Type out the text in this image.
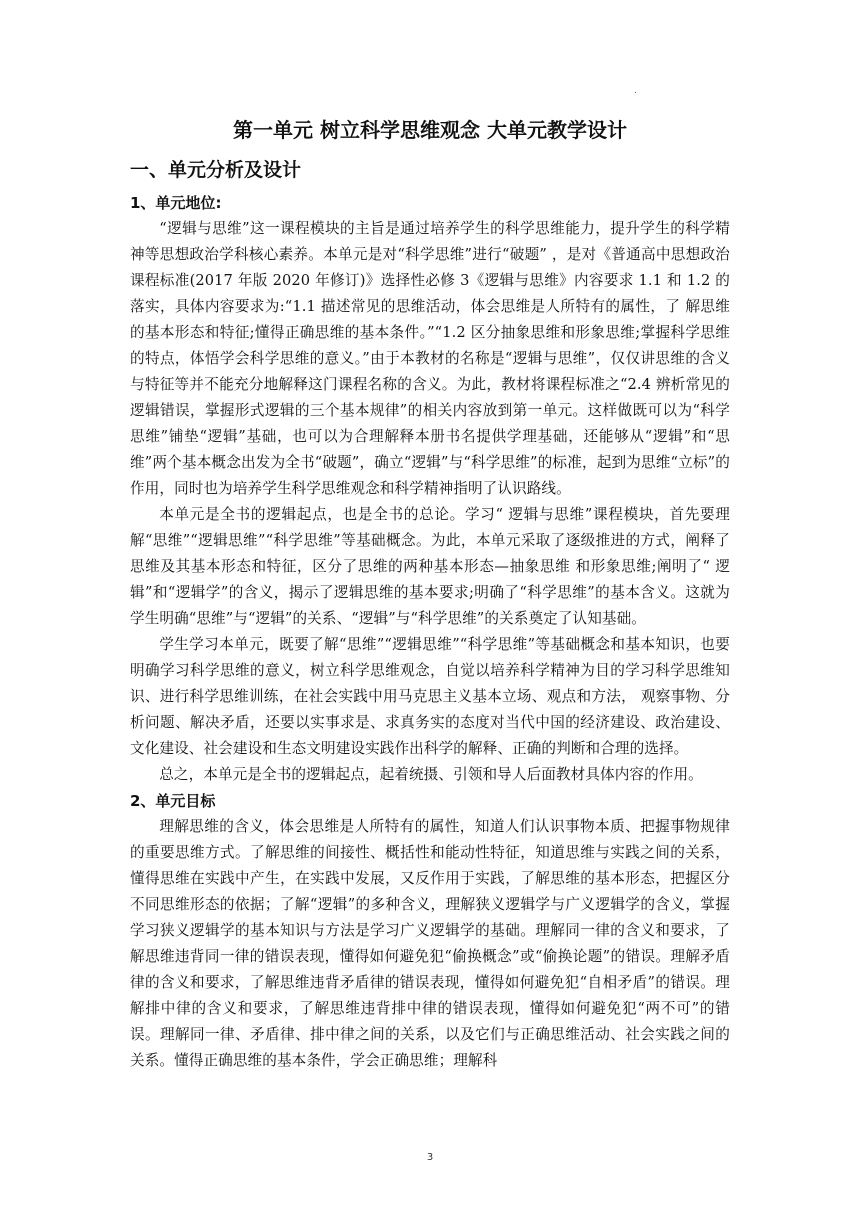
.
第一单元 树立科学思维观念 大单元教学设计
一、单元分析及设计
1、单元地位:

“逻辑与思维”这一课程模块的主旨是通过培养学生的科学思维能力，提升学生的科学精神等思想政治学科核心素养。本单元是对“科学思维”进行“破题” ，是对《普通高中思想政治课程标准(2017 年版 2020 年修订)》选择性必修 3《逻辑与思维》内容要求 1.1 和 1.2 的落实，具体内容要求为:“1.1 描述常见的思维活动，体会思维是人所特有的属性，了 解思维的基本形态和特征;懂得正确思维的基本条件。”“1.2 区分抽象思维和形象思维;掌握科学思维的特点，体悟学会科学思维的意义。”由于本教材的名称是“逻辑与思维”，仅仅讲思维的含义与特征等并不能充分地解释这门课程名称的含义。为此，教材将课程标准之“2.4 辨析常见的逻辑错误，掌握形式逻辑的三个基本规律”的相关内容放到第一单元。这样做既可以为“科学思维”铺垫“逻辑”基础，也可以为合理解释本册书名提供学理基础，还能够从“逻辑”和“思维”两个基本概念出发为全书“破题”，确立“逻辑”与“科学思维”的标准，起到为思维“立标”的作用，同时也为培养学生科学思维观念和科学精神指明了认识路线。

本单元是全书的逻辑起点，也是全书的总论。学习“ 逻辑与思维”课程模块，首先要理解“思维”“逻辑思维”“科学思维”等基础概念。为此，本单元采取了逐级推进的方式，阐释了思维及其基本形态和特征，区分了思维的两种基本形态—抽象思维 和形象思维;阐明了“ 逻辑”和“逻辑学”的含义，揭示了逻辑思维的基本要求;明确了“科学思维”的基本含义。这就为学生明确“思维”与“逻辑”的关系、“逻辑”与“科学思维”的关系奠定了认知基础。

学生学习本单元，既要了解“思维”“逻辑思维”“科学思维”等基础概念和基本知识，也要明确学习科学思维的意义，树立科学思维观念，自觉以培养科学精神为目的学习科学思维知识、进行科学思维训练，在社会实践中用马克思主义基本立场、观点和方法， 观察事物、分析问题、解决矛盾，还要以实事求是、求真务实的态度对当代中国的经济建设、政治建设、文化建设、社会建设和生态文明建设实践作出科学的解释、正确的判断和合理的选择。

总之，本单元是全书的逻辑起点，起着统摄、引领和导人后面教材具体内容的作用。

2、单元目标

理解思维的含义，体会思维是人所特有的属性，知道人们认识事物本质、把握事物规律的重要思维方式。了解思维的间接性、概括性和能动性特征，知道思维与实践之间的关系，懂得思维在实践中产生，在实践中发展，又反作用于实践，了解思维的基本形态，把握区分不同思维形态的依据；了解“逻辑”的多种含义，理解狭义逻辑学与广义逻辑学的含义，掌握学习狭义逻辑学的基本知识与方法是学习广义逻辑学的基础。理解同一律的含义和要求，了解思维违背同一律的错误表现，懂得如何避免犯“偷换概念”或“偷换论题”的错误。理解矛盾律的含义和要求，了解思维违背矛盾律的错误表现，懂得如何避免犯“自相矛盾”的错误。理解排中律的含义和要求，了解思维违背排中律的错误表现，懂得如何避免犯“两不可”的错误。理解同一律、矛盾律、排中律之间的关系，以及它们与正确思维活动、社会实践之间的关系。懂得正确思维的基本条件，学会正确思维；理解科

3
